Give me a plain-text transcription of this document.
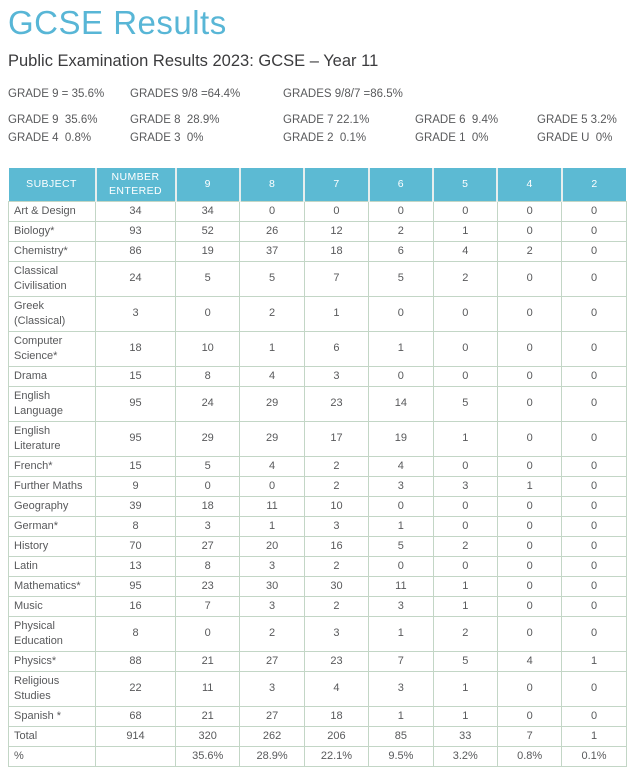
GCSE Results
Public Examination Results 2023: GCSE – Year 11
GRADE 9 = 35.6%	GRADES 9/8 =64.4%	GRADES 9/8/7 =86.5%
GRADE 9  35.6%	GRADE 8  28.9%	GRADE 7 22.1%	GRADE 6  9.4%	GRADE 5 3.2%
GRADE 4  0.8%	GRADE 3  0%	GRADE 2  0.1%	GRADE 1  0%	GRADE U  0%
SUBJECT	NUMBER ENTERED	9	8	7	6	5	4	2
Art & Design	34	34	0	0	0	0	0	0
Biology*	93	52	26	12	2	1	0	0
Chemistry*	86	19	37	18	6	4	2	0
Classical Civilisation	24	5	5	7	5	2	0	0
Greek (Classical)	3	0	2	1	0	0	0	0
Computer Science*	18	10	1	6	1	0	0	0
Drama	15	8	4	3	0	0	0	0
English Language	95	24	29	23	14	5	0	0
English Literature	95	29	29	17	19	1	0	0
French*	15	5	4	2	4	0	0	0
Further Maths	9	0	0	2	3	3	1	0
Geography	39	18	11	10	0	0	0	0
German*	8	3	1	3	1	0	0	0
History	70	27	20	16	5	2	0	0
Latin	13	8	3	2	0	0	0	0
Mathematics*	95	23	30	30	11	1	0	0
Music	16	7	3	2	3	1	0	0
Physical Education	8	0	2	3	1	2	0	0
Physics*	88	21	27	23	7	5	4	1
Religious Studies	22	11	3	4	3	1	0	0
Spanish *	68	21	27	18	1	1	0	0
Total	914	320	262	206	85	33	7	1
%		35.6%	28.9%	22.1%	9.5%	3.2%	0.8%	0.1%
